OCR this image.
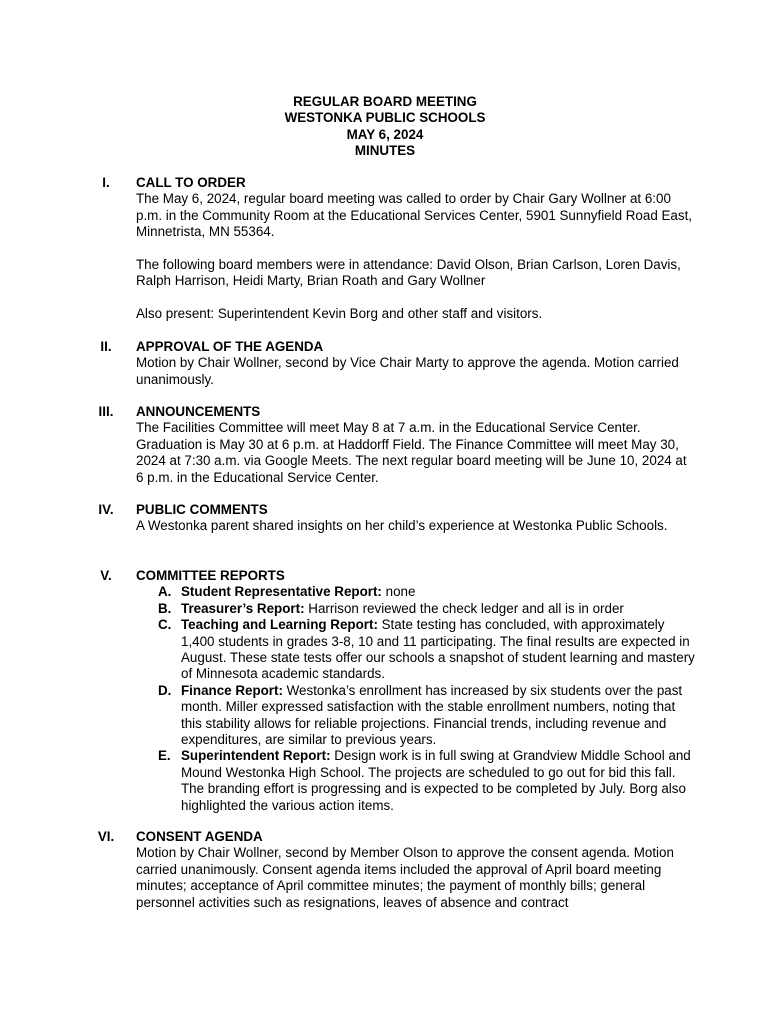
REGULAR BOARD MEETING
WESTONKA PUBLIC SCHOOLS
MAY 6, 2024
MINUTES
I.	CALL TO ORDER

The May 6, 2024, regular board meeting was called to order by Chair Gary Wollner at 6:00 p.m. in the Community Room at the Educational Services Center, 5901 Sunnyfield Road East, Minnetrista, MN 55364.

The following board members were in attendance: David Olson, Brian Carlson, Loren Davis, Ralph Harrison, Heidi Marty, Brian Roath and Gary Wollner

Also present: Superintendent Kevin Borg and other staff and visitors.

II.	APPROVAL OF THE AGENDA

Motion by Chair Wollner, second by Vice Chair Marty to approve the agenda. Motion carried unanimously.

III.	ANNOUNCEMENTS

The Facilities Committee will meet May 8 at 7 a.m. in the Educational Service Center. Graduation is May 30 at 6 p.m. at Haddorff Field. The Finance Committee will meet May 30, 2024 at 7:30 a.m. via Google Meets. The next regular board meeting will be June 10, 2024 at 6 p.m. in the Educational Service Center.

IV.	PUBLIC COMMENTS

A Westonka parent shared insights on her child’s experience at Westonka Public Schools.

V.	COMMITTEE REPORTS
A. Student Representative Report: none
B. Treasurer’s Report: Harrison reviewed the check ledger and all is in order
C. Teaching and Learning Report: State testing has concluded, with approximately 1,400 students in grades 3-8, 10 and 11 participating. The final results are expected in August. These state tests offer our schools a snapshot of student learning and mastery of Minnesota academic standards.
D. Finance Report: Westonka’s enrollment has increased by six students over the past month. Miller expressed satisfaction with the stable enrollment numbers, noting that this stability allows for reliable projections. Financial trends, including revenue and expenditures, are similar to previous years.
E. Superintendent Report: Design work is in full swing at Grandview Middle School and Mound Westonka High School. The projects are scheduled to go out for bid this fall. The branding effort is progressing and is expected to be completed by July. Borg also highlighted the various action items.
VI.	CONSENT AGENDA

Motion by Chair Wollner, second by Member Olson to approve the consent agenda. Motion carried unanimously. Consent agenda items included the approval of April board meeting minutes; acceptance of April committee minutes; the payment of monthly bills; general personnel activities such as resignations, leaves of absence and contract
